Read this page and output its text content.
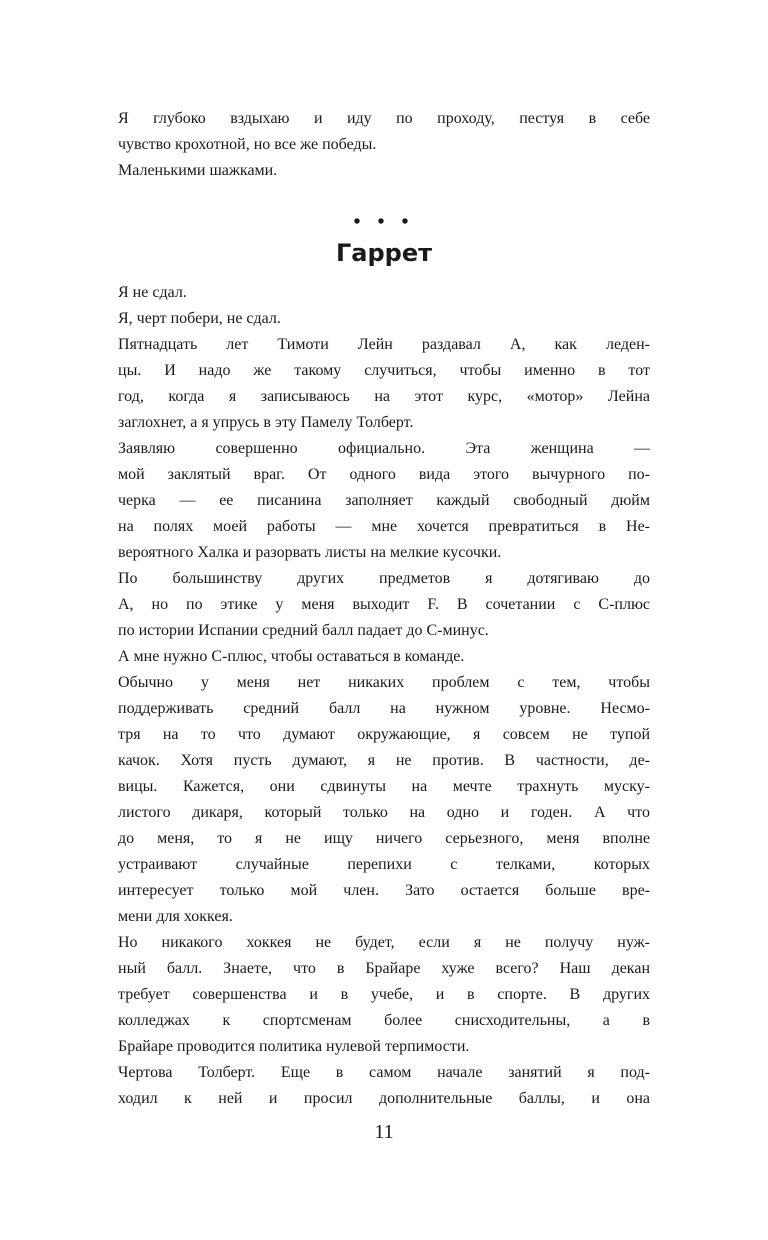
Я глубоко вздыхаю и иду по проходу, пестуя в себе
чувство крохотной, но все же победы.
Маленькими шажками.
• • •
Гаррет
Я не сдал.
Я, черт побери, не сдал.
Пятнадцать лет Тимоти Лейн раздавал А, как леден-
цы. И надо же такому случиться, чтобы именно в тот
год, когда я записываюсь на этот курс, «мотор» Лейна
заглохнет, а я упрусь в эту Памелу Толберт.
Заявляю совершенно официально. Эта женщина —
мой заклятый враг. От одного вида этого вычурного по-
черка — ее писанина заполняет каждый свободный дюйм
на полях моей работы — мне хочется превратиться в Не-
вероятного Халка и разорвать листы на мелкие кусочки.
По большинству других предметов я дотягиваю до
А, но по этике у меня выходит F. В сочетании с С-плюс
по истории Испании средний балл падает до С-минус.
А мне нужно С-плюс, чтобы оставаться в команде.
Обычно у меня нет никаких проблем с тем, чтобы
поддерживать средний балл на нужном уровне. Несмо-
тря на то что думают окружающие, я совсем не тупой
качок. Хотя пусть думают, я не против. В частности, де-
вицы. Кажется, они сдвинуты на мечте трахнуть муску-
листого дикаря, который только на одно и годен. А что
до меня, то я не ищу ничего серьезного, меня вполне
устраивают случайные перепихи с телками, которых
интересует только мой член. Зато остается больше вре-
мени для хоккея.
Но никакого хоккея не будет, если я не получу нуж-
ный балл. Знаете, что в Брайаре хуже всего? Наш декан
требует совершенства и в учебе, и в спорте. В других
колледжах к спортсменам более снисходительны, а в
Брайаре проводится политика нулевой терпимости.
Чертова Толберт. Еще в самом начале занятий я под-
ходил к ней и просил дополнительные баллы, и она
11
